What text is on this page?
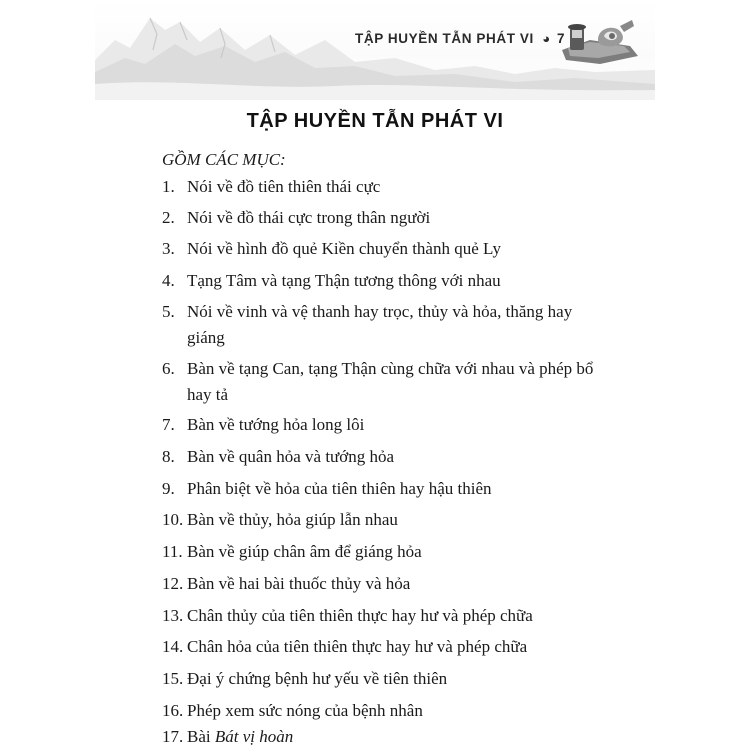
TẬP HUYỀN TẪN PHÁT VI ◕ 7
TẬP HUYỀN TẪN PHÁT VI
GỒM CÁC MỤC:
1. Nói về đồ tiên thiên thái cực
2. Nói về đồ thái cực trong thân người
3. Nói về hình đồ quẻ Kiền chuyển thành quẻ Ly
4. Tạng Tâm và tạng Thận tương thông với nhau
5. Nói về vinh và vệ thanh hay trọc, thủy và hỏa, thăng hay giáng
6. Bàn về tạng Can, tạng Thận cùng chữa với nhau và phép bổ hay tả
7. Bàn về tướng hỏa long lôi
8. Bàn về quân hỏa và tướng hỏa
9. Phân biệt về hỏa của tiên thiên hay hậu thiên
10. Bàn về thủy, hỏa giúp lẫn nhau
11. Bàn về giúp chân âm để giáng hỏa
12. Bàn về hai bài thuốc thủy và hỏa
13. Chân thủy của tiên thiên thực hay hư và phép chữa
14. Chân hỏa của tiên thiên thực hay hư và phép chữa
15. Đại ý chứng bệnh hư yếu về tiên thiên
16. Phép xem sức nóng của bệnh nhân
17. Bài Bát vị hoàn
